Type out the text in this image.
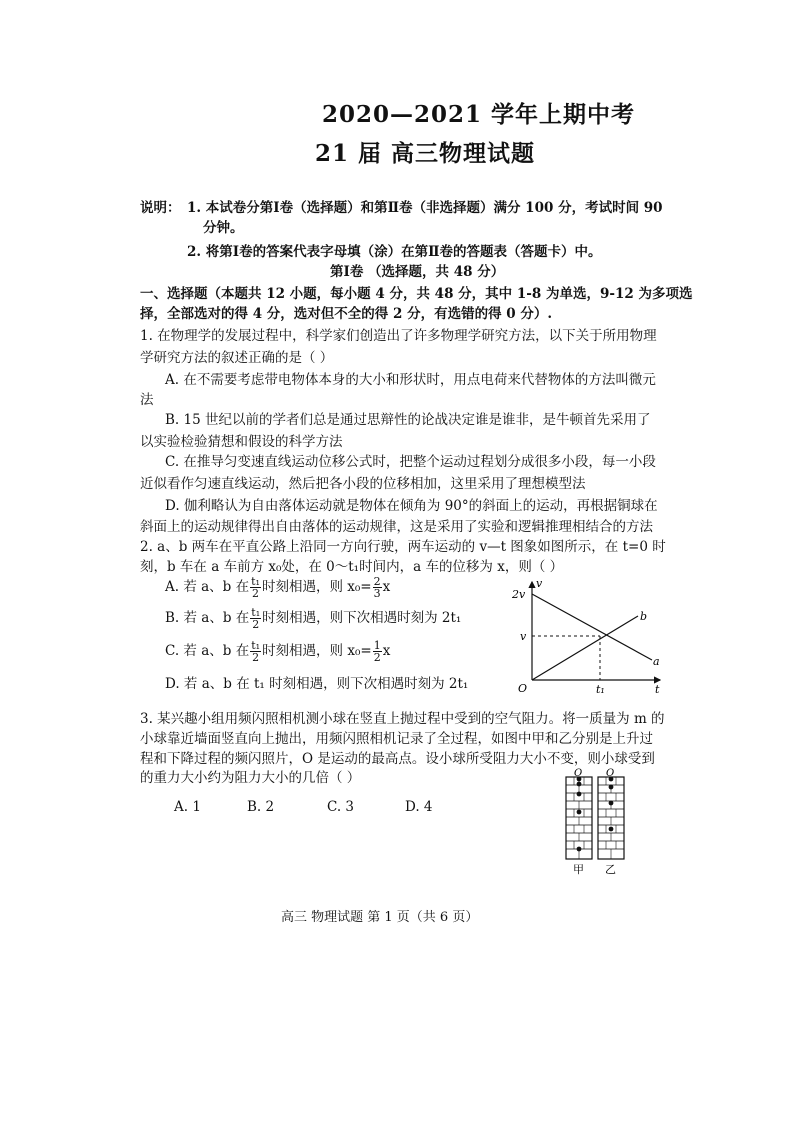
2020—2021 学年上期中考
21 届 高三物理试题
说明： 1. 本试卷分第Ⅰ卷（选择题）和第Ⅱ卷（非选择题）满分 100 分，考试时间 90
分钟。
2. 将第Ⅰ卷的答案代表字母填（涂）在第Ⅱ卷的答题表（答题卡）中。
第Ⅰ卷 （选择题，共 48 分）
一、选择题（本题共 12 小题，每小题 4 分，共 48 分，其中 1-8 为单选，9-12 为多项选
择，全部选对的得 4 分，选对但不全的得 2 分，有选错的得 0 分）.
1. 在物理学的发展过程中，科学家们创造出了许多物理学研究方法，以下关于所用物理
学研究方法的叙述正确的是（ ）
A. 在不需要考虑带电物体本身的大小和形状时，用点电荷来代替物体的方法叫微元
法
B. 15 世纪以前的学者们总是通过思辩性的论战决定谁是谁非，是牛顿首先采用了
以实验检验猜想和假设的科学方法
C. 在推导匀变速直线运动位移公式时，把整个运动过程划分成很多小段，每一小段
近似看作匀速直线运动，然后把各小段的位移相加，这里采用了理想模型法
D. 伽利略认为自由落体运动就是物体在倾角为 90°的斜面上的运动，再根据铜球在
斜面上的运动规律得出自由落体的运动规律，这是采用了实验和逻辑推理相结合的方法
2. a、b 两车在平直公路上沿同一方向行驶，两车运动的 v—t 图象如图所示，在 t=0 时
刻，b 车在 a 车前方 x₀处，在 0～t₁时间内，a 车的位移为 x，则（ ）
A. 若 a、b 在 $\frac{\text{t₁}}{2}$ 时刻相遇，则 $x_0= \frac{2}{3}$ x
B. 若 a、b 在 $\frac{\text{t₁}}{2}$ 时刻相遇，则下次相遇时刻为 2t₁
C. 若 a、b 在 $\frac{\text{t₁}}{2}$ 时刻相遇，则 $x_0= \frac{1}{2}$ x
D. 若 a、b 在 t₁ 时刻相遇，则下次相遇时刻为 2t₁
v
t
O
2v
v
t₁
a
b
3. 某兴趣小组用频闪照相机测小球在竖直上抛过程中受到的空气阻力。将一质量为 m 的
小球靠近墙面竖直向上抛出，用频闪照相机记录了全过程，如图中甲和乙分别是上升过
程和下降过程的频闪照片，O 是运动的最高点。设小球所受阻力大小不变，则小球受到
的重力大小约为阻力大小的几倍（ ）
A. 1	B. 2	C. 3	D. 4
O O
甲 乙
高三 物理试题 第 1 页（共 6 页）
